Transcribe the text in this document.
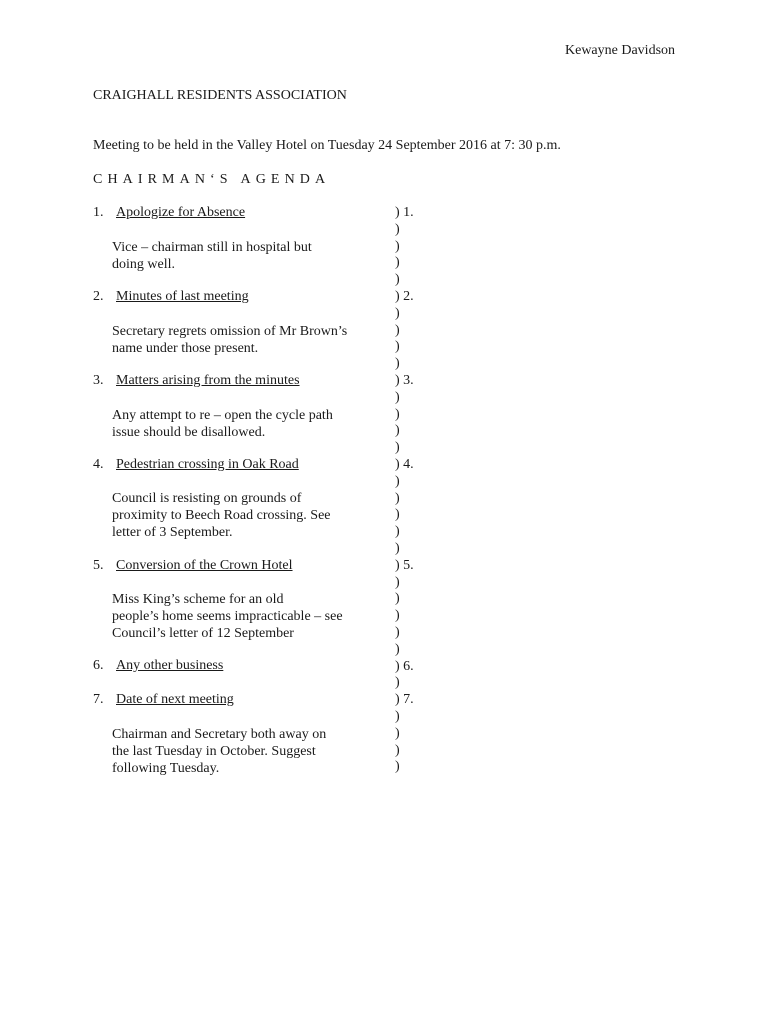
Kewayne Davidson
CRAIGHALL RESIDENTS ASSOCIATION
Meeting to be held in the Valley Hotel on Tuesday 24 September 2016 at 7: 30 p.m.
CHAIRMAN‘S AGENDA
1. Apologize for Absence
Vice – chairman still in hospital but
doing well.
2. Minutes of last meeting
Secretary regrets omission of Mr Brown’s
name under those present.
3. Matters arising from the minutes
Any attempt to re – open the cycle path
issue should be disallowed.
4. Pedestrian crossing in Oak Road
Council is resisting on grounds of
proximity to Beech Road crossing. See
letter of 3 September.
5. Conversion of the Crown Hotel
Miss King’s scheme for an old
people’s home seems impracticable – see
Council’s letter of 12 September
6. Any other business
7. Date of next meeting
Chairman and Secretary both away on
the last Tuesday in October. Suggest
following Tuesday.
) 1.
)
)
)
)
) 2.
)
)
)
)
) 3.
)
)
)
)
) 4.
)
)
)
)
)
) 5.
)
)
)
)
)
) 6.
)
) 7.
)
)
)
)
